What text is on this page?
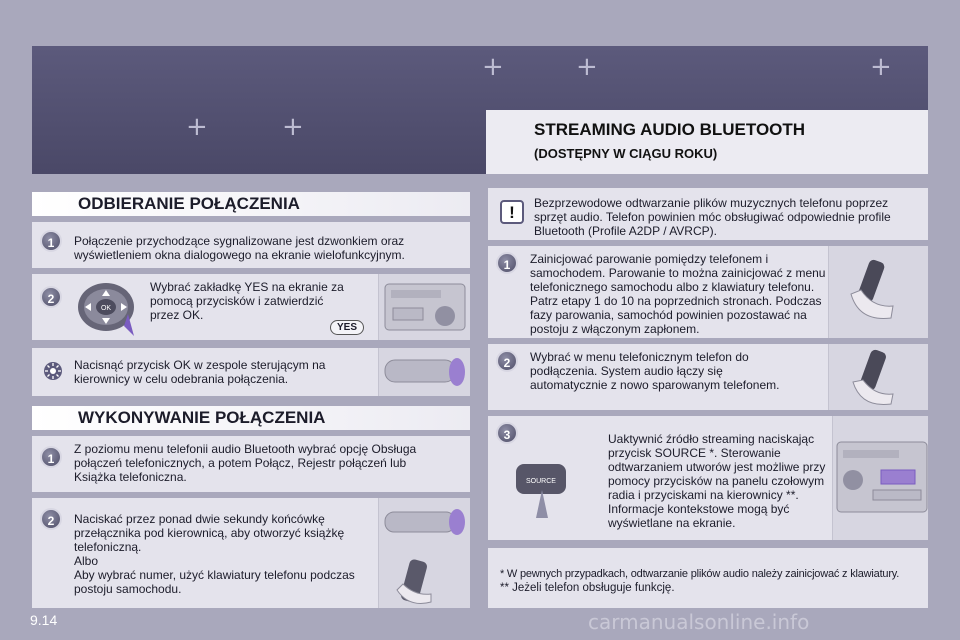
+	+	+
+	+	STREAMING AUDIO BLUETOOTH
(DOSTĘPNY W CIĄGU ROKU)
ODBIERANIE POŁĄCZENIA
1	Połączenie przychodzące sygnalizowane jest dzwonkiem oraz wyświetleniem okna dialogowego na ekranie wielofunkcyjnym.
2
OK
Wybrać zakładkę YES na ekranie za pomocą przycisków i zatwierdzić przez OK.
YES
Nacisnąć przycisk OK w zespole sterującym na kierownicy w celu odebrania połączenia.
WYKONYWANIE POŁĄCZENIA
1
Z poziomu menu telefonii audio Bluetooth wybrać opcję Obsługa połączeń telefonicznych, a potem Połącz, Rejestr połączeń lub Książka telefoniczna.
2	Naciskać przez ponad dwie sekundy końcówkę przełącznika pod kierownicą, aby otworzyć książkę telefoniczną.
Albo
Aby wybrać numer, użyć klawiatury telefonu podczas postoju samochodu.
!	Bezprzewodowe odtwarzanie plików muzycznych telefonu poprzez sprzęt audio. Telefon powinien móc obsługiwać odpowiednie profile Bluetooth (Profile A2DP / AVRCP).
1	Zainicjować parowanie pomiędzy telefonem i samochodem. Parowanie to można zainicjować z menu telefonicznego samochodu albo z klawiatury telefonu. Patrz etapy 1 do 10 na poprzednich stronach. Podczas fazy parowania, samochód powinien pozostawać na postoju z włączonym zapłonem.
2	Wybrać w menu telefonicznym telefon do podłączenia. System audio łączy się automatycznie z nowo sparowanym telefonem.
3
SOURCE
Uaktywnić źródło streaming naciskając przycisk SOURCE *. Sterowanie odtwarzaniem utworów jest możliwe przy pomocy przycisków na panelu czołowym radia i przyciskami na kierownicy **. Informacje kontekstowe mogą być wyświetlane na ekranie.
* W pewnych przypadkach, odtwarzanie plików audio należy zainicjować z klawiatury.
** Jeżeli telefon obsługuje funkcję.
9.14	carmanualsonline.info
